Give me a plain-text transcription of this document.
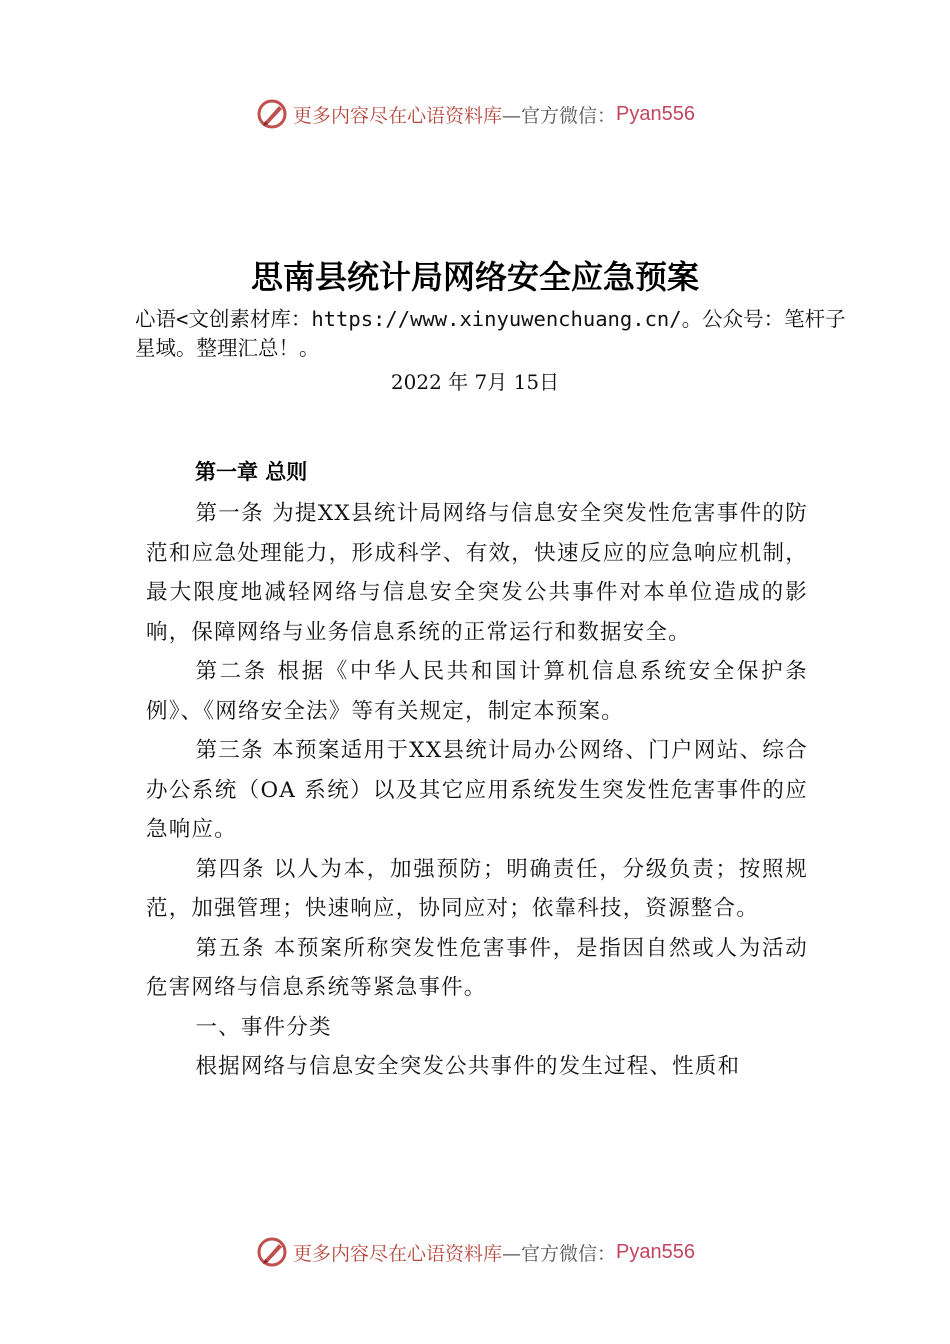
更多内容尽在心语资料库 —官方微信： Pyan556
思南县统计局网络安全应急预案
心语<文创素材库：https://www.xinyuwenchuang.cn/。公众号：笔杆子星域。整理汇总！。
2022 年 7月 15日
第一章 总则

第一条 为提XX县统计局网络与信息安全突发性危害事件的防范和应急处理能力，形成科学、有效，快速反应的应急响应机制，最大限度地减轻网络与信息安全突发公共事件对本单位造成的影响，保障网络与业务信息系统的正常运行和数据安全。

第二条 根据《中华人民共和国计算机信息系统安全保护条例》、《网络安全法》等有关规定，制定本预案。

第三条 本预案适用于XX县统计局办公网络、门户网站、综合办公系统（OA 系统）以及其它应用系统发生突发性危害事件的应急响应。

第四条 以人为本，加强预防；明确责任，分级负责；按照规范，加强管理；快速响应，协同应对；依靠科技，资源整合。

第五条 本预案所称突发性危害事件，是指因自然或人为活动危害网络与信息系统等紧急事件。

一、事件分类

根据网络与信息安全突发公共事件的发生过程、性质和

更多内容尽在心语资料库 —官方微信： Pyan556
